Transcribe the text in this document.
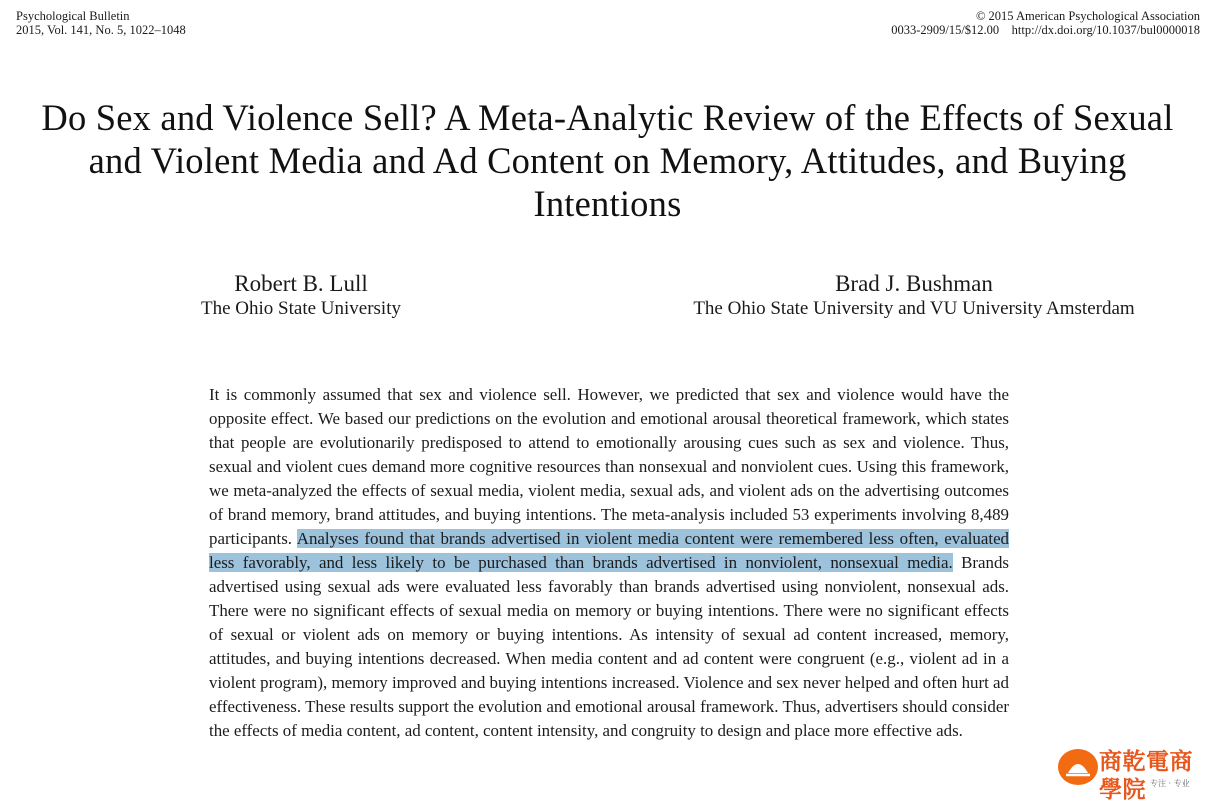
Psychological Bulletin
2015, Vol. 141, No. 5, 1022–1048
© 2015 American Psychological Association
0033-2909/15/$12.00    http://dx.doi.org/10.1037/bul0000018
Do Sex and Violence Sell? A Meta-Analytic Review of the Effects of Sexual and Violent Media and Ad Content on Memory, Attitudes, and Buying Intentions
Robert B. Lull
The Ohio State University
Brad J. Bushman
The Ohio State University and VU University Amsterdam
It is commonly assumed that sex and violence sell. However, we predicted that sex and violence would have the opposite effect. We based our predictions on the evolution and emotional arousal theoretical framework, which states that people are evolutionarily predisposed to attend to emotionally arousing cues such as sex and violence. Thus, sexual and violent cues demand more cognitive resources than nonsexual and nonviolent cues. Using this framework, we meta-analyzed the effects of sexual media, violent media, sexual ads, and violent ads on the advertising outcomes of brand memory, brand attitudes, and buying intentions. The meta-analysis included 53 experiments involving 8,489 participants. Analyses found that brands advertised in violent media content were remembered less often, evaluated less favorably, and less likely to be purchased than brands advertised in nonviolent, nonsexual media. Brands advertised using sexual ads were evaluated less favorably than brands advertised using nonviolent, nonsexual ads. There were no significant effects of sexual media on memory or buying intentions. There were no significant effects of sexual or violent ads on memory or buying intentions. As intensity of sexual ad content increased, memory, attitudes, and buying intentions decreased. When media content and ad content were congruent (e.g., violent ad in a violent program), memory improved and buying intentions increased. Violence and sex never helped and often hurt ad effectiveness. These results support the evolution and emotional arousal framework. Thus, advertisers should consider the effects of media content, ad content, content intensity, and congruity to design and place more effective ads.
商乾電商學院 专注 · 专业
